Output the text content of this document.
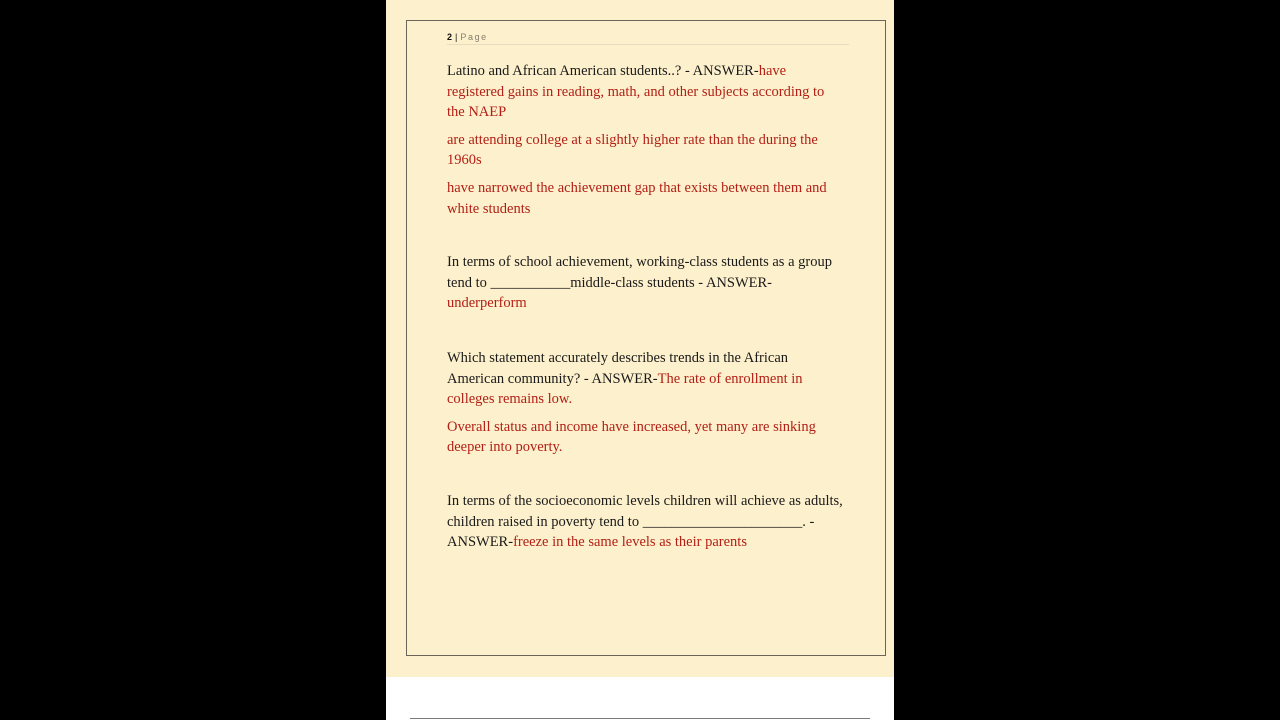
2 | Page

Latino and African American students..? - ANSWER-have registered gains in reading, math, and other subjects according to the NAEP

are attending college at a slightly higher rate than the during the 1960s

have narrowed the achievement gap that exists between them and white students

In terms of school achievement, working-class students as a group tend to ___________middle-class students - ANSWER-underperform

Which statement accurately describes trends in the African American community? - ANSWER-The rate of enrollment in colleges remains low.

Overall status and income have increased, yet many are sinking deeper into poverty.

In terms of the socioeconomic levels children will achieve as adults, children raised in poverty tend to ______________________. - ANSWER-freeze in the same levels as their parents
